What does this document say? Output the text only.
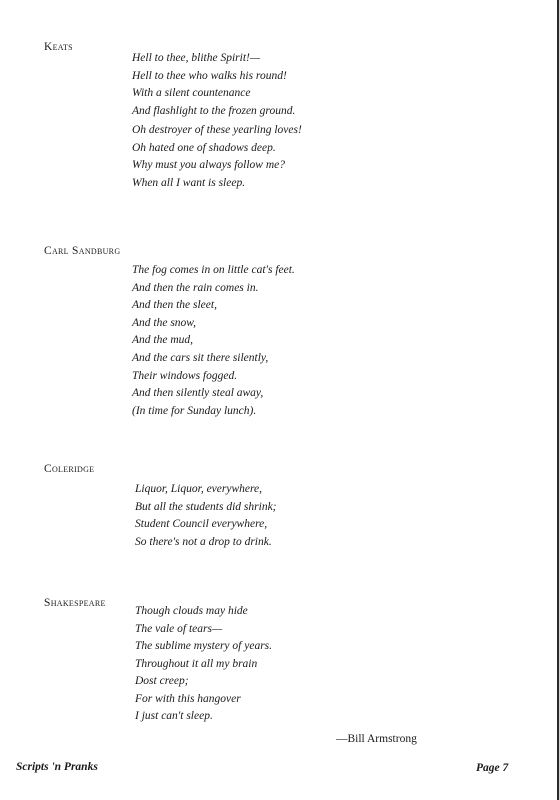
Keats
Hell to thee, blithe Spirit!—
Hell to thee who walks his round!
With a silent countenance
And flashlight to the frozen ground.
Oh destroyer of these yearling loves!
Oh hated one of shadows deep.
Why must you always follow me?
When all I want is sleep.
Carl Sandburg
The fog comes in on little cat's feet.
And then the rain comes in.
And then the sleet,
And the snow,
And the mud,
And the cars sit there silently,
Their windows fogged.
And then silently steal away,
(In time for Sunday lunch).
Coleridge
Liquor, Liquor, everywhere,
But all the students did shrink;
Student Council everywhere,
So there's not a drop to drink.
Shakespeare
Though clouds may hide
The vale of tears—
The sublime mystery of years.
Throughout it all my brain
Dost creep;
For with this hangover
I just can't sleep.
—Bill Armstrong
Scripts 'n Pranks	Page 7
